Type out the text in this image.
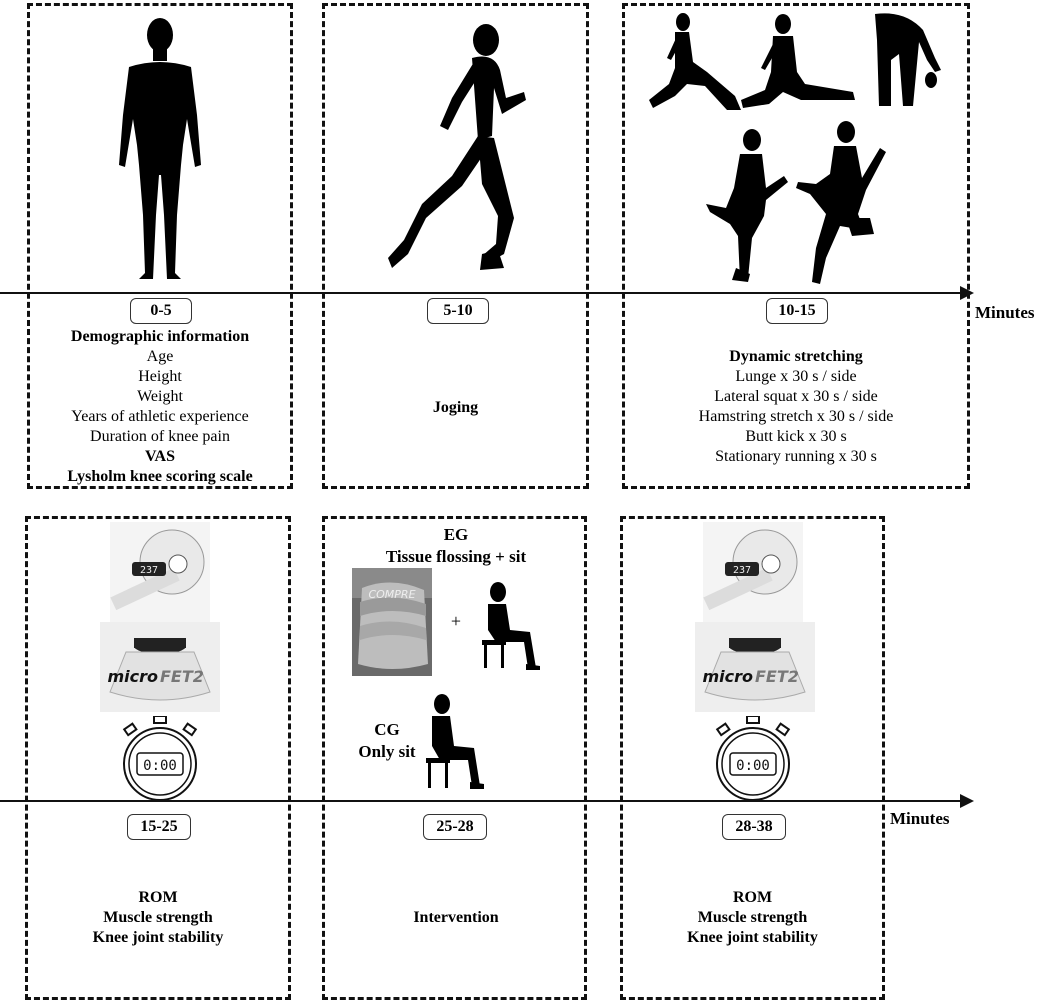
Minutes
0-5	5-10	10-15
Demographic information
Age
Height
Weight
Years of athletic experience
Duration of knee pain
VAS
Lysholm knee scoring scale
Joging
Dynamic stretching
Lunge x 30 s / side
Lateral squat x 30 s / side
Hamstring stretch x 30 s / side
Butt kick x 30 s
Stationary running x 30 s
237
micro FET2
0:00
EG
Tissue flossing + sit
COMPRE
+
CG
Only sit
237
micro FET2
0:00
Minutes
15-25	25-28	28-38
ROM
Muscle strength
Knee joint stability
Intervention
ROM
Muscle strength
Knee joint stability
